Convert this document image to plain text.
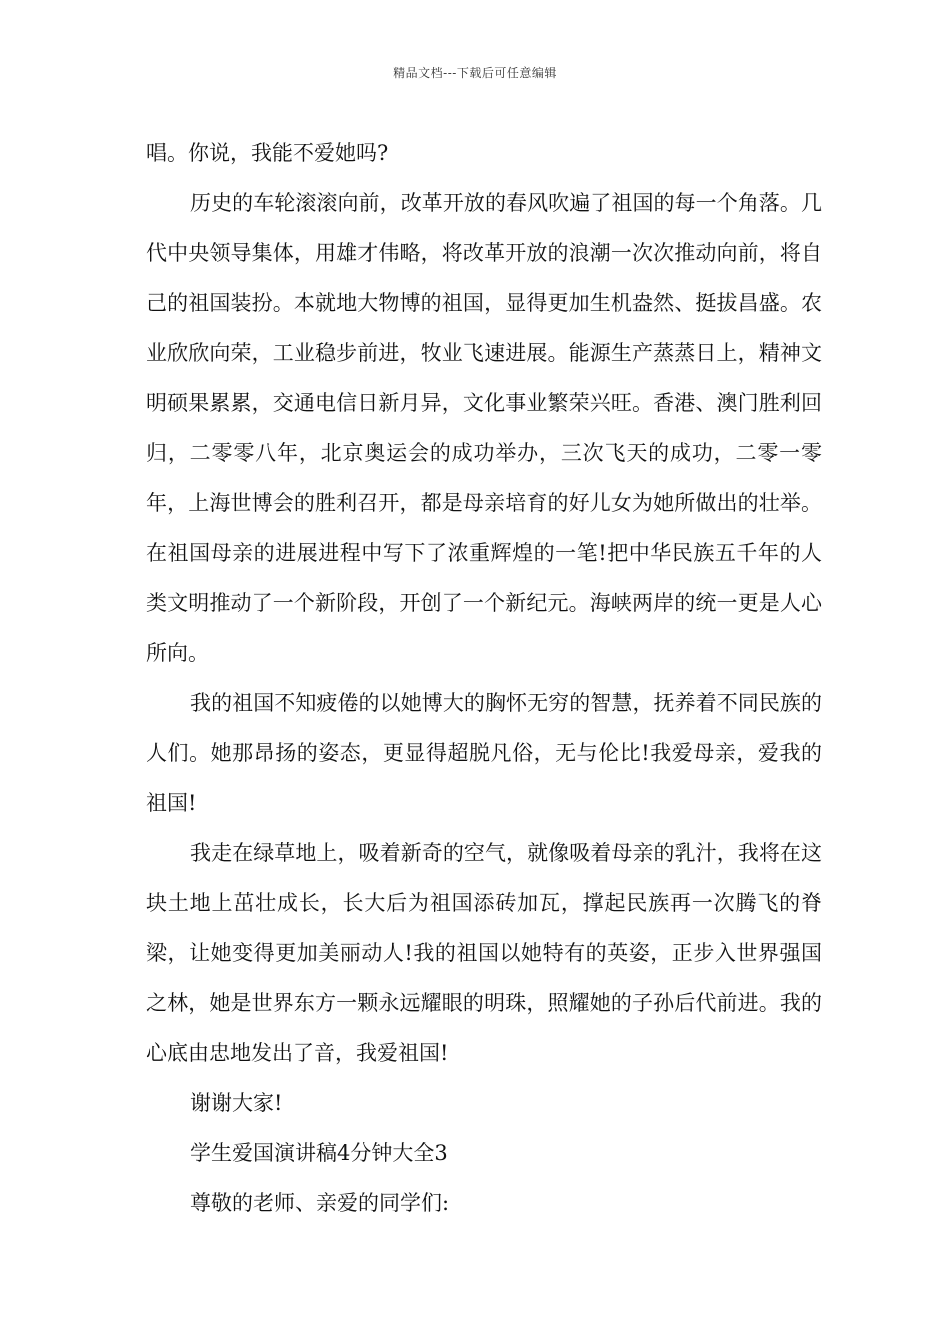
精品文档---下载后可任意编辑

唱。你说，我能不爱她吗?

历史的车轮滚滚向前，改革开放的春风吹遍了祖国的每一个角落。几代中央领导集体，用雄才伟略，将改革开放的浪潮一次次推动向前，将自己的祖国装扮。本就地大物博的祖国，显得更加生机盎然、挺拔昌盛。农业欣欣向荣，工业稳步前进，牧业飞速进展。能源生产蒸蒸日上，精神文明硕果累累，交通电信日新月异，文化事业繁荣兴旺。香港、澳门胜利回归，二零零八年，北京奥运会的成功举办，三次飞天的成功，二零一零年，上海世博会的胜利召开，都是母亲培育的好儿女为她所做出的壮举。在祖国母亲的进展进程中写下了浓重辉煌的一笔!把中华民族五千年的人类文明推动了一个新阶段，开创了一个新纪元。海峡两岸的统一更是人心所向。

我的祖国不知疲倦的以她博大的胸怀无穷的智慧，抚养着不同民族的人们。她那昂扬的姿态，更显得超脱凡俗，无与伦比!我爱母亲，爱我的祖国!

我走在绿草地上，吸着新奇的空气，就像吸着母亲的乳汁，我将在这块土地上茁壮成长，长大后为祖国添砖加瓦，撑起民族再一次腾飞的脊梁，让她变得更加美丽动人!我的祖国以她特有的英姿，正步入世界强国之林，她是世界东方一颗永远耀眼的明珠，照耀她的子孙后代前进。我的心底由忠地发出了音，我爱祖国!

谢谢大家!

学生爱国演讲稿4分钟大全3

尊敬的老师、亲爱的同学们:
